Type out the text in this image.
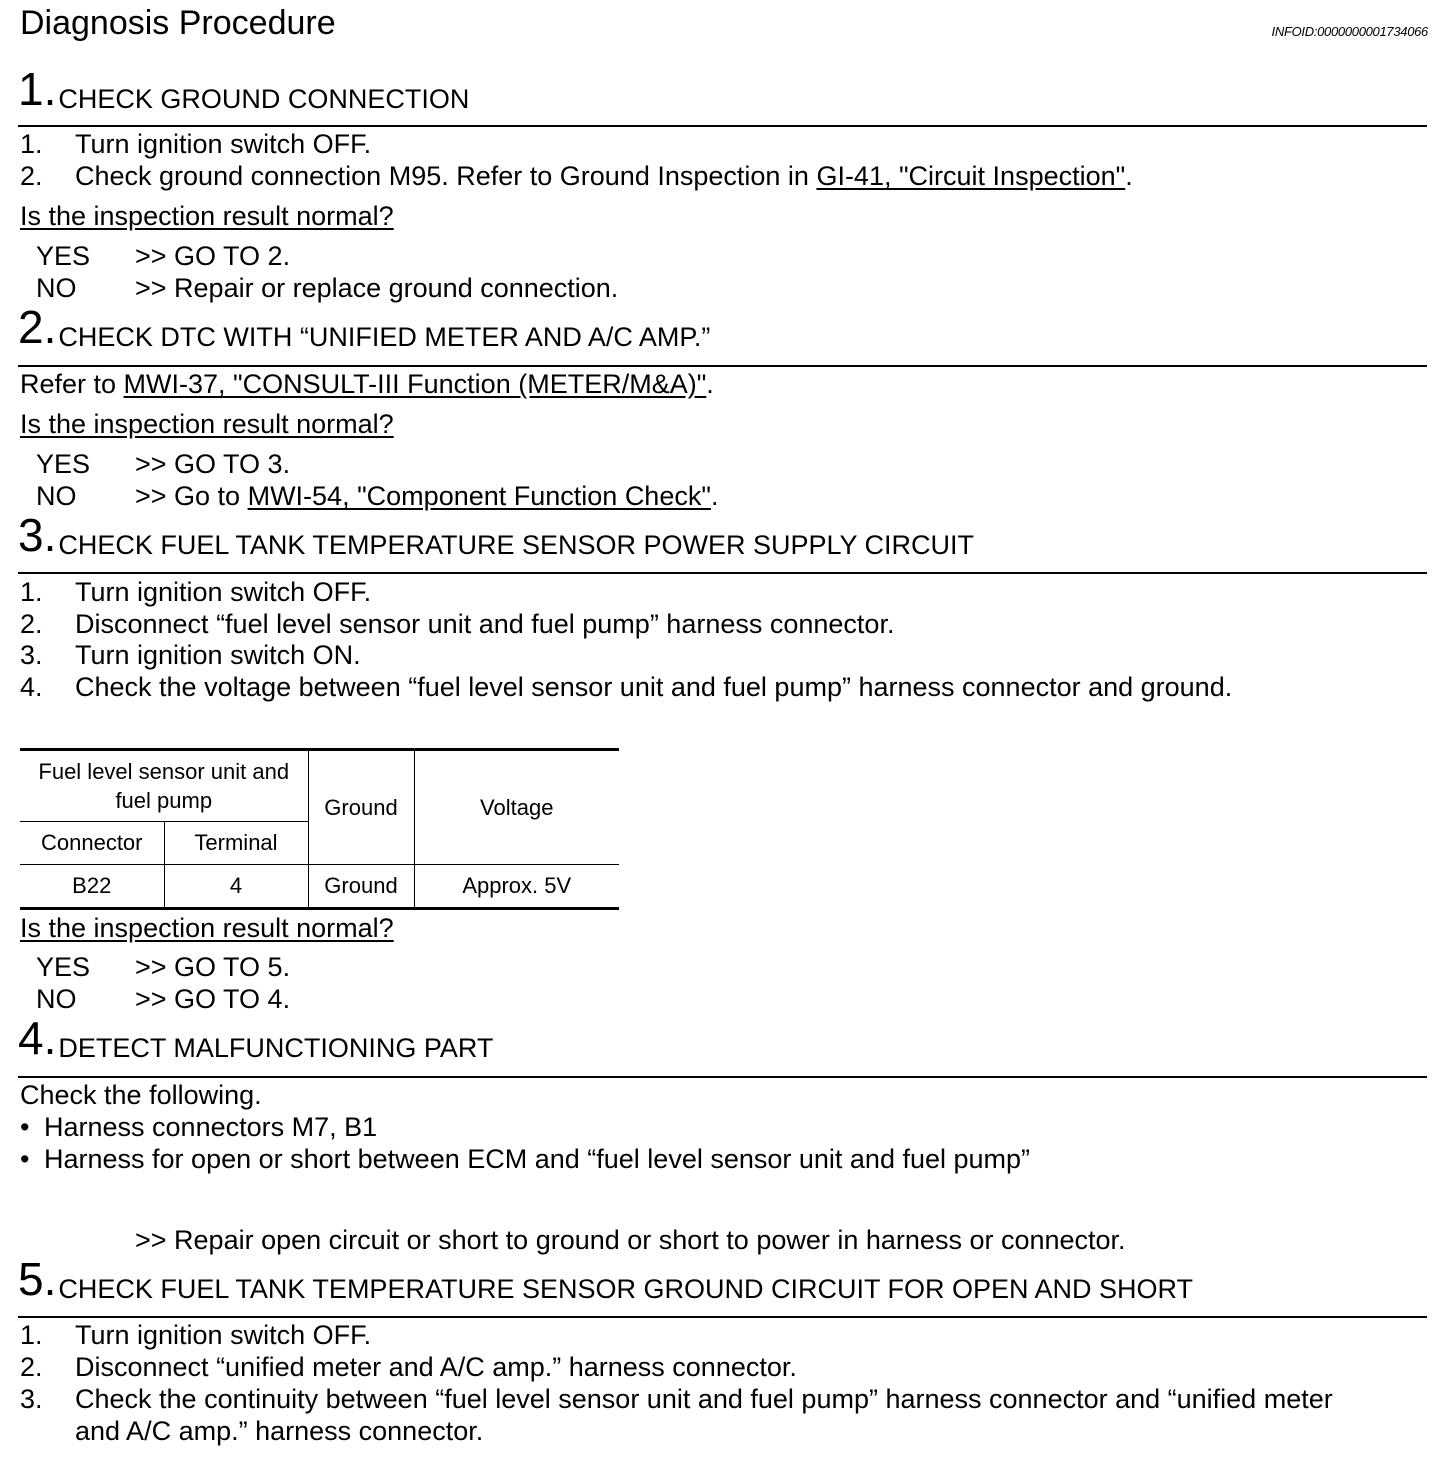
Diagnosis Procedure	INFOID:0000000001734066
1.CHECK GROUND CONNECTION
1. Turn ignition switch OFF.
2. Check ground connection M95. Refer to Ground Inspection in GI-41, "Circuit Inspection".
Is the inspection result normal?
YES >> GO TO 2.
NO >> Repair or replace ground connection.
2.CHECK DTC WITH “UNIFIED METER AND A/C AMP.”
Refer to MWI-37, "CONSULT-III Function (METER/M&A)".
Is the inspection result normal?
YES >> GO TO 3.
NO >> Go to MWI-54, "Component Function Check".
3.CHECK FUEL TANK TEMPERATURE SENSOR POWER SUPPLY CIRCUIT
1. Turn ignition switch OFF.
2. Disconnect “fuel level sensor unit and fuel pump” harness connector.
3. Turn ignition switch ON.
4. Check the voltage between “fuel level sensor unit and fuel pump” harness connector and ground.
Fuel level sensor unit and
fuel pump		Ground	Voltage
Connector	Terminal		
B22	4	Ground	Approx. 5V
Is the inspection result normal?
YES >> GO TO 5.
NO >> GO TO 4.
4.DETECT MALFUNCTIONING PART
Check the following.
• Harness connectors M7, B1
• Harness for open or short between ECM and “fuel level sensor unit and fuel pump”
>> Repair open circuit or short to ground or short to power in harness or connector.
5.CHECK FUEL TANK TEMPERATURE SENSOR GROUND CIRCUIT FOR OPEN AND SHORT
1. Turn ignition switch OFF.
2. Disconnect “unified meter and A/C amp.” harness connector.
3. Check the continuity between “fuel level sensor unit and fuel pump” harness connector and “unified meter
and A/C amp.” harness connector.
